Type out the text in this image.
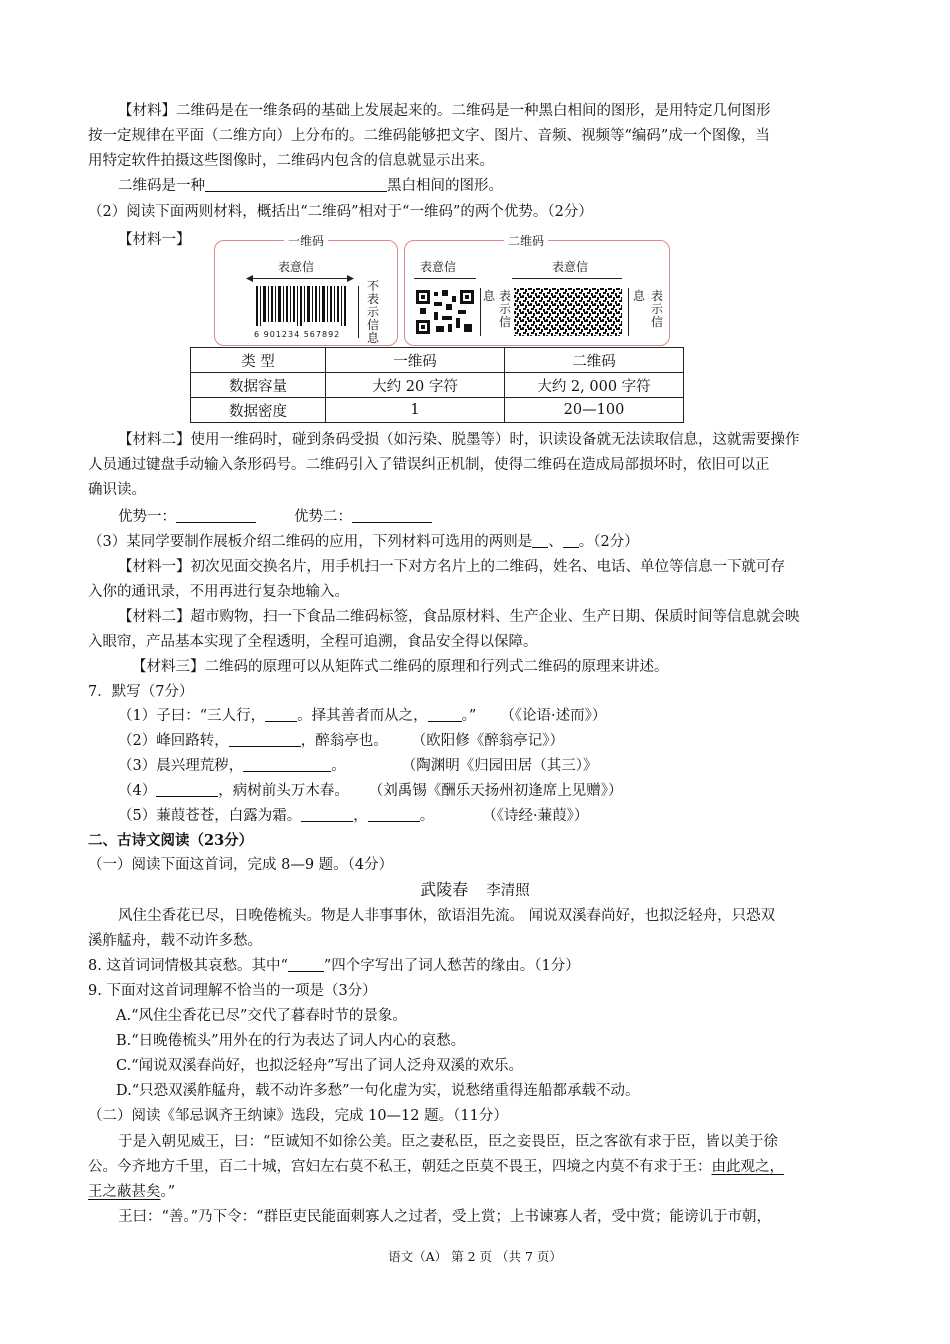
【材料】二维码是在一维条码的基础上发展起来的。二维码是一种黑白相间的图形，是用特定几何图形
按一定规律在平面（二维方向）上分布的。二维码能够把文字、图片、音频、视频等“编码”成一个图像，当
用特定软件拍摄这些图像时，二维码内包含的信息就显示出来。
二维码是一种	黑白相间的图形。
（2）阅读下面两则材料，概括出“二维码”相对于“一维码”的两个优势。（2分）
【材料一】	一维码
表意信
6 901234 567892
不表示信息
二维码
表意信	表意信
息 表示信
息 表示信
类 型	一维码	二维码
数据容量	大约 20 字符	大约 2, 000 字符
数据密度	1	20—100
【材料二】使用一维码时，碰到条码受损（如污染、脱墨等）时，识读设备就无法读取信息，这就需要操作
人员通过键盘手动输入条形码号。二维码引入了错误纠正机制，使得二维码在造成局部损坏时，依旧可以正
确识读。
优势一：	优势二：
（3）某同学要制作展板介绍二维码的应用，下列材料可选用的两则是 、 。（2分）
【材料一】初次见面交换名片，用手机扫一下对方名片上的二维码，姓名、电话、单位等信息一下就可存
入你的通讯录，不用再进行复杂地输入。
【材料二】超市购物，扫一下食品二维码标签，食品原材料、生产企业、生产日期、保质时间等信息就会映
入眼帘，产品基本实现了全程透明，全程可追溯，食品安全得以保障。
【材料三】二维码的原理可以从矩阵式二维码的原理和行列式二维码的原理来讲述。
7．默写（7分）
（1）子曰：“三人行， 。择其善者而从之， 。” （《论语·述而》）
（2）峰回路转，	，醉翁亭也。 （欧阳修《醉翁亭记》）
（3）晨兴理荒秽，	。	（陶渊明《归园田居（其三）》
（4）	，病树前头万木春。 （刘禹锡《酬乐天扬州初逢席上见赠》）
（5）蒹葭苍苍，白露为霜。	，	。	（《诗经·蒹葭》）
二、古诗文阅读（23分）
（一）阅读下面这首词，完成 8—9 题。（4分）
武陵春 李清照
风住尘香花已尽，日晚倦梳头。物是人非事事休，欲语泪先流。 闻说双溪春尚好，也拟泛轻舟，只恐双
溪舴艋舟，载不动许多愁。
8. 这首词词情极其哀愁。其中“ ”四个字写出了词人愁苦的缘由。（1分）
9. 下面对这首词理解不恰当的一项是（3分）
A.“风住尘香花已尽”交代了暮春时节的景象。
B.“日晚倦梳头”用外在的行为表达了词人内心的哀愁。
C.“闻说双溪春尚好，也拟泛轻舟”写出了词人泛舟双溪的欢乐。
D.“只恐双溪舴艋舟，载不动许多愁”一句化虚为实，说愁绪重得连船都承载不动。
（二）阅读《邹忌讽齐王纳谏》选段，完成 10—12 题。（11分）
于是入朝见威王，曰：“臣诚知不如徐公美。臣之妻私臣，臣之妾畏臣，臣之客欲有求于臣，皆以美于徐
公。今齐地方千里，百二十城，宫妇左右莫不私王，朝廷之臣莫不畏王，四境之内莫不有求于王：由此观之，
王之蔽甚矣。”
王曰：“善。”乃下令：“群臣吏民能面刺寡人之过者，受上赏；上书谏寡人者，受中赏；能谤讥于市朝，
语文（A） 第 2 页 （共 7 页）
